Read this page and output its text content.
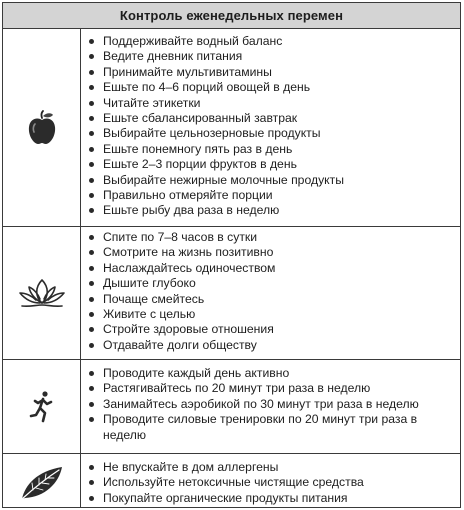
Контроль еженедельных перемен
Поддерживайте водный баланс
Ведите дневник питания
Принимайте мультивитамины
Ешьте по 4–6 порций овощей в день
Читайте этикетки
Ешьте сбалансированный завтрак
Выбирайте цельнозерновые продукты
Ешьте понемногу пять раз в день
Ешьте 2–3 порции фруктов в день
Выбирайте нежирные молочные продукты
Правильно отмеряйте порции
Ешьте рыбу два раза в неделю
Спите по 7–8 часов в сутки
Смотрите на жизнь позитивно
Наслаждайтесь одиночеством
Дышите глубоко
Почаще смейтесь
Живите с целью
Стройте здоровые отношения
Отдавайте долги обществу
Проводите каждый день активно
Растягивайтесь по 20 минут три раза в неделю
Занимайтесь аэробикой по 30 минут три раза в неделю
Проводите силовые тренировки по 20 минут три раза в неделю
Не впускайте в дом аллергены
Используйте нетоксичные чистящие средства
Покупайте органические продукты питания
